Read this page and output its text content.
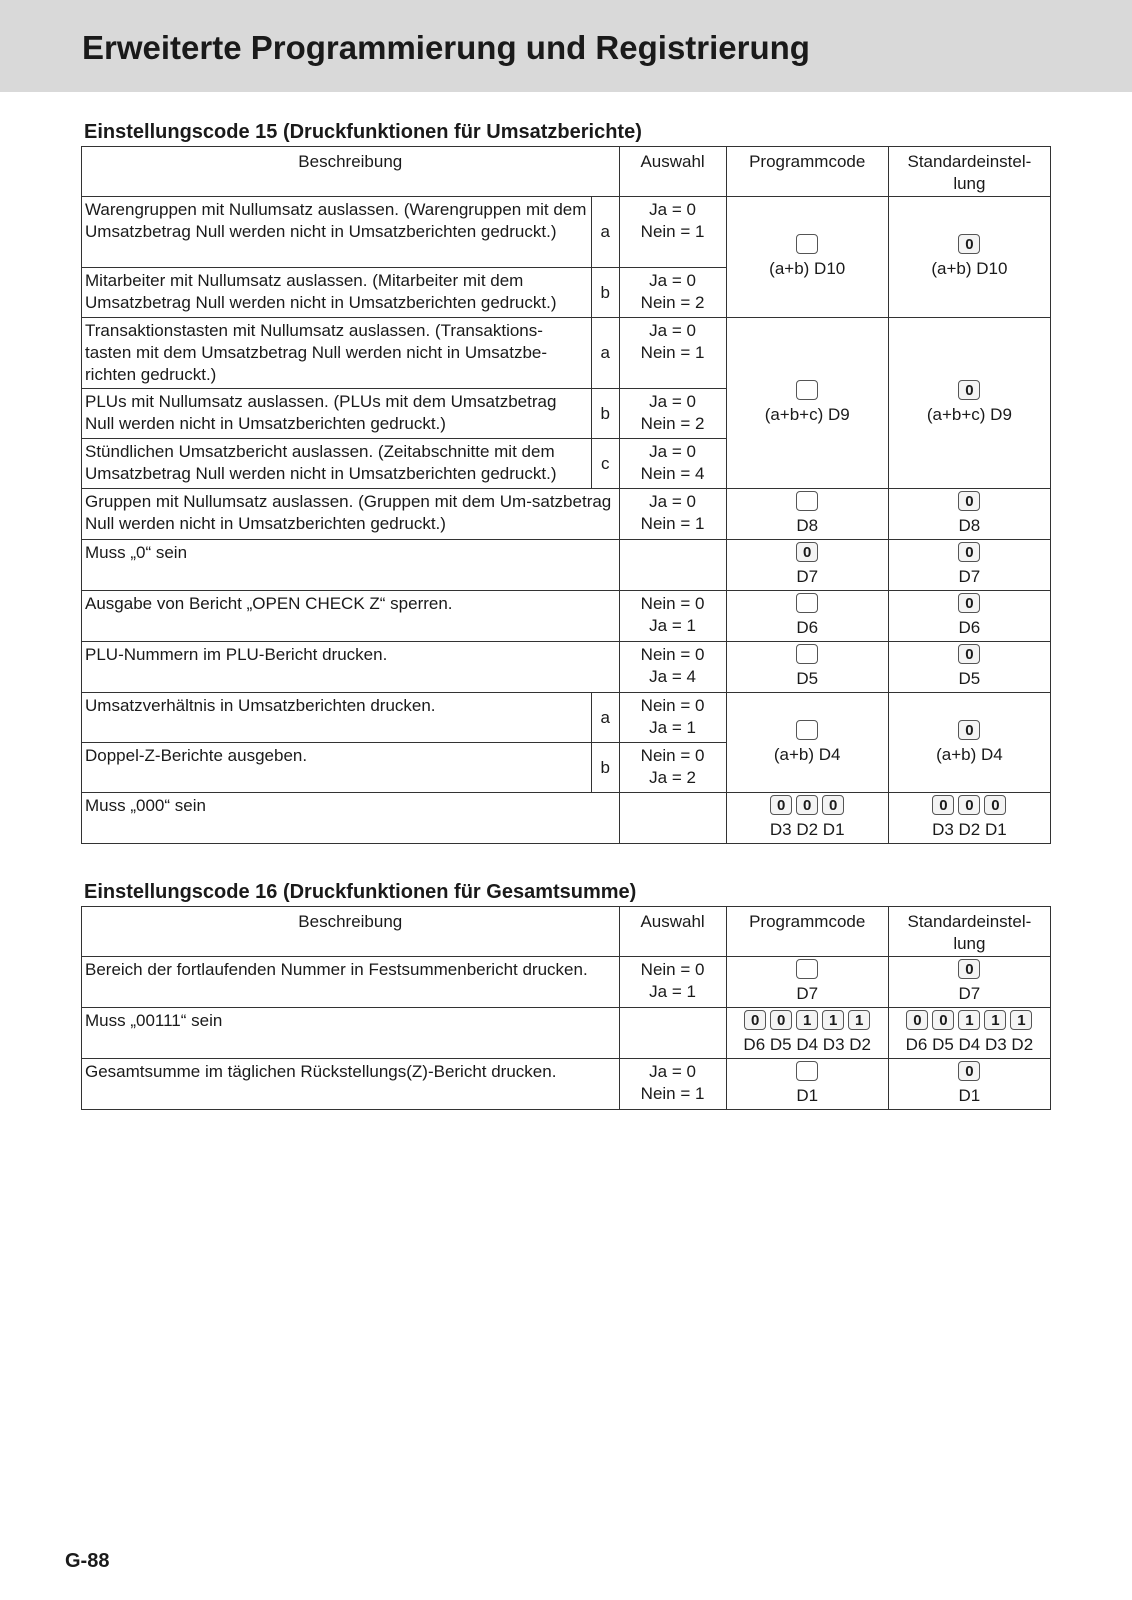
Erweiterte Programmierung und Registrierung
Einstellungscode 15 (Druckfunktionen für Umsatzberichte)
Beschreibung		Auswahl	Programmcode	Standardeinstel-
lung

Warengruppen mit Nullumsatz auslassen. (Warengruppen mit dem Umsatzbetrag Null werden nicht in Umsatzberichten gedruckt.)	a	Ja = 0
Nein = 1	(a+b) D10	0
(a+b) D10

Mitarbeiter mit Nullumsatz auslassen. (Mitarbeiter mit dem Umsatzbetrag Null werden nicht in Umsatzberichten gedruckt.)	b	Ja = 0
Nein = 2		

Transaktionstasten mit Nullumsatz auslassen. (Transaktions-tasten mit dem Umsatzbetrag Null werden nicht in Umsatzbe-richten gedruckt.)	a	Ja = 0
Nein = 1	(a+b+c) D9	0
(a+b+c) D9

PLUs mit Nullumsatz auslassen. (PLUs mit dem Umsatzbetrag Null werden nicht in Umsatzberichten gedruckt.)	b	Ja = 0
Nein = 2		

Stündlichen Umsatzbericht auslassen. (Zeitabschnitte mit dem Umsatzbetrag Null werden nicht in Umsatzberichten gedruckt.)	c	Ja = 0
Nein = 4		

Gruppen mit Nullumsatz auslassen. (Gruppen mit dem Um-satzbetrag Null werden nicht in Umsatzberichten gedruckt.)		Ja = 0
Nein = 1	D8	0
D8

Muss „0“ sein			0
D7	0
D7

Ausgabe von Bericht „OPEN CHECK Z“ sperren.		Nein = 0
Ja = 1	D6	0
D6

PLU-Nummern im PLU-Bericht drucken.		Nein = 0
Ja = 4	D5	0
D5

Umsatzverhältnis in Umsatzberichten drucken.	a	Nein = 0
Ja = 1	(a+b) D4	0
(a+b) D4

Doppel-Z-Berichte ausgeben.	b	Nein = 0
Ja = 2		

Muss „000“ sein			0 0 0
D3 D2 D1	0 0 0
D3 D2 D1
Einstellungscode 16 (Druckfunktionen für Gesamtsumme)
Beschreibung	Auswahl	Programmcode	Standardeinstel-
lung

Bereich der fortlaufenden Nummer in Festsummenbericht drucken.	Nein = 0
Ja = 1	D7	0
D7

Muss „00111“ sein		0 0 1 1 1
D6 D5 D4 D3 D2	0 0 1 1 1
D6 D5 D4 D3 D2

Gesamtsumme im täglichen Rückstellungs(Z)-Bericht drucken.	Ja = 0
Nein = 1	D1	0
D1
G-88
